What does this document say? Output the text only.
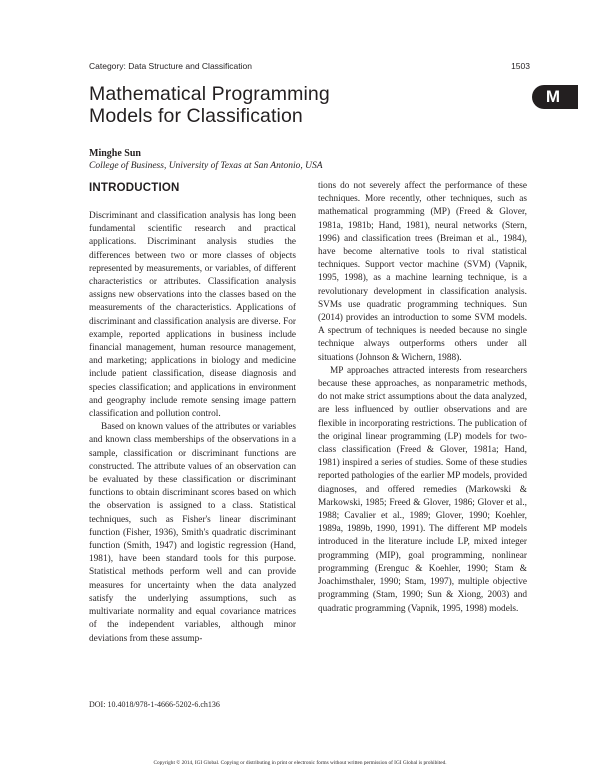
Category: Data Structure and Classification	1503
M
Mathematical Programming
Models for Classification
Minghe Sun
College of Business, University of Texas at San Antonio, USA
INTRODUCTION

Discriminant and classification analysis has long been fundamental scientific research and practical applications. Discriminant analysis studies the differences between two or more classes of objects represented by measurements, or variables, of different characteristics or attributes. Classification analysis assigns new observations into the classes based on the measurements of the characteristics. Applications of discriminant and classification analysis are diverse. For example, reported applications in business include financial management, human resource management, and marketing; applications in biology and medicine include patient classification, disease diagnosis and species classification; and applications in environment and geography include remote sensing image pattern classification and pollution control.

Based on known values of the attributes or variables and known class memberships of the observations in a sample, classification or discriminant functions are constructed. The attribute values of an observation can be evaluated by these classification or discriminant functions to obtain discriminant scores based on which the observation is assigned to a class. Statistical techniques, such as Fisher's linear discriminant function (Fisher, 1936), Smith's quadratic discriminant function (Smith, 1947) and logistic regression (Hand, 1981), have been standard tools for this purpose. Statistical methods perform well and can provide measures for uncertainty when the data analyzed satisfy the underlying assumptions, such as multivariate normality and equal covariance matrices of the independent variables, although minor deviations from these assump-

tions do not severely affect the performance of these techniques. More recently, other techniques, such as mathematical programming (MP) (Freed & Glover, 1981a, 1981b; Hand, 1981), neural networks (Stern, 1996) and classification trees (Breiman et al., 1984), have become alternative tools to rival statistical techniques. Support vector machine (SVM) (Vapnik, 1995, 1998), as a machine learning technique, is a revolutionary development in classification analysis. SVMs use quadratic programming techniques. Sun (2014) provides an introduction to some SVM models. A spectrum of techniques is needed because no single technique always outperforms others under all situations (Johnson & Wichern, 1988).

MP approaches attracted interests from researchers because these approaches, as nonparametric methods, do not make strict assumptions about the data analyzed, are less influenced by outlier observations and are flexible in incorporating restrictions. The publication of the original linear programming (LP) models for two-class classification (Freed & Glover, 1981a; Hand, 1981) inspired a series of studies. Some of these studies reported pathologies of the earlier MP models, provided diagnoses, and offered remedies (Markowski & Markowski, 1985; Freed & Glover, 1986; Glover et al., 1988; Cavalier et al., 1989; Glover, 1990; Koehler, 1989a, 1989b, 1990, 1991). The different MP models introduced in the literature include LP, mixed integer programming (MIP), goal programming, nonlinear programming (Erenguc & Koehler, 1990; Stam & Joachimsthaler, 1990; Stam, 1997), multiple objective programming (Stam, 1990; Sun & Xiong, 2003) and quadratic programming (Vapnik, 1995, 1998) models.

DOI: 10.4018/978-1-4666-5202-6.ch136
Copyright © 2014, IGI Global. Copying or distributing in print or electronic forms without written permission of IGI Global is prohibited.
